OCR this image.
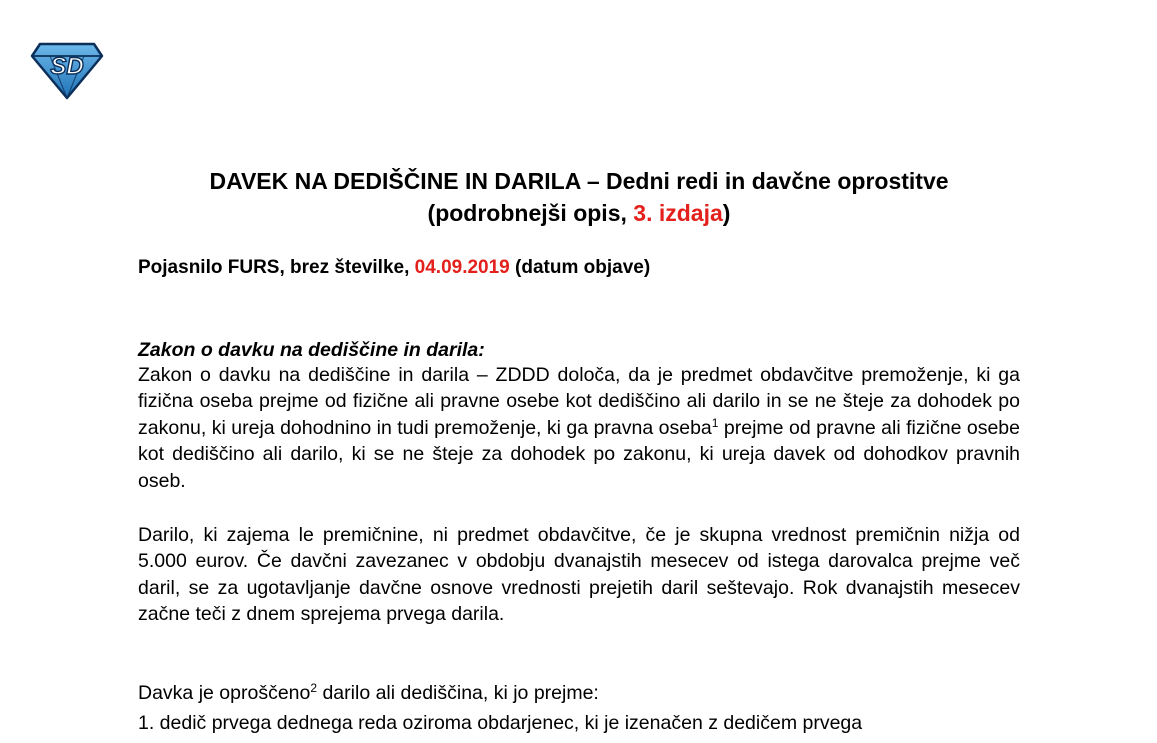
SD
DAVEK NA DEDIŠČINE IN DARILA – Dedni redi in davčne oprostitve
(podrobnejši opis, 3. izdaja)
Pojasnilo FURS, brez številke, 04.09.2019 (datum objave)
Zakon o davku na dediščine in darila:
Zakon o davku na dediščine in darila – ZDDD določa, da je predmet obdavčitve premoženje, ki ga fizična oseba prejme od fizične ali pravne osebe kot dediščino ali darilo in se ne šteje za dohodek po zakonu, ki ureja dohodnino in tudi premoženje, ki ga pravna oseba$^1$ prejme od pravne ali fizične osebe kot dediščino ali darilo, ki se ne šteje za dohodek po zakonu, ki ureja davek od dohodkov pravnih oseb.
Darilo, ki zajema le premičnine, ni predmet obdavčitve, če je skupna vrednost premičnin nižja od 5.000 eurov. Če davčni zavezanec v obdobju dvanajstih mesecev od istega darovalca prejme več daril, se za ugotavljanje davčne osnove vrednosti prejetih daril seštevajo. Rok dvanajstih mesecev začne teči z dnem sprejema prvega darila.
Davka je oproščeno$^2$ darilo ali dediščina, ki jo prejme:
1. dedič prvega dednega reda oziroma obdarjenec, ki je izenačen z dedičem prvega
